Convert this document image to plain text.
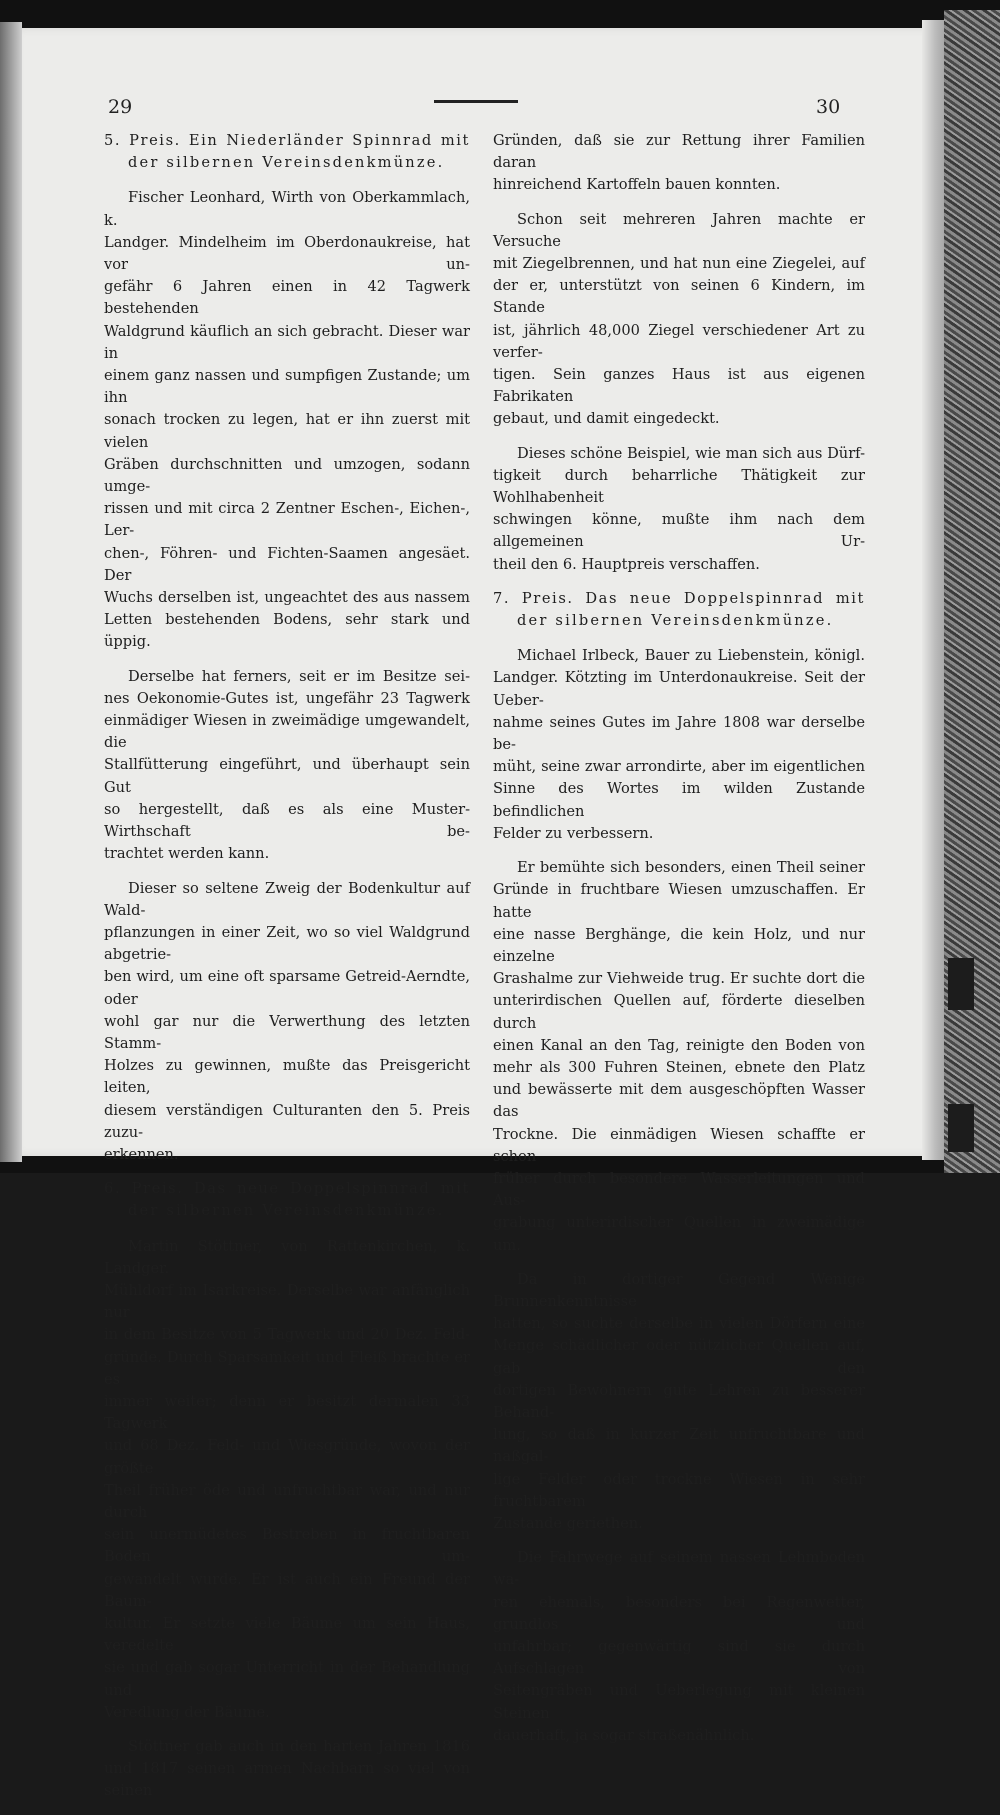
29	30
5. Preis. Ein Niederländer Spinnrad mit
der silbernen Vereinsdenkmünze.
Fischer Leonhard, Wirth von Oberkammlach, k.
Landger. Mindelheim im Oberdonaukreise, hat vor un-
gefähr 6 Jahren einen in 42 Tagwerk bestehenden
Waldgrund käuflich an sich gebracht. Dieser war in
einem ganz nassen und sumpfigen Zustande; um ihn
sonach trocken zu legen, hat er ihn zuerst mit vielen
Gräben durchschnitten und umzogen, sodann umge-
rissen und mit circa 2 Zentner Eschen-, Eichen-, Ler-
chen-, Föhren- und Fichten-Saamen angesäet. Der
Wuchs derselben ist, ungeachtet des aus nassem
Letten bestehenden Bodens, sehr stark und üppig.
Derselbe hat ferners, seit er im Besitze sei-
nes Oekonomie-Gutes ist, ungefähr 23 Tagwerk
einmädiger Wiesen in zweimädige umgewandelt, die
Stallfütterung eingeführt, und überhaupt sein Gut
so hergestellt, daß es als eine Muster-Wirthschaft be-
trachtet werden kann.
Dieser so seltene Zweig der Bodenkultur auf Wald-
pflanzungen in einer Zeit, wo so viel Waldgrund abgetrie-
ben wird, um eine oft sparsame Getreid-Aerndte, oder
wohl gar nur die Verwerthung des letzten Stamm-
Holzes zu gewinnen, mußte das Preisgericht leiten,
diesem verständigen Culturanten den 5. Preis zuzu-
erkennen.
6. Preis. Das neue Doppelspinnrad mit
der silbernen Vereinsdenkmünze.
Martin Stöttner, von Rattenkirchen, k. Landger.
Mühldorf im Isarkreise. Derselbe war anfänglich nur
in dem Besitze von 5 Tagwerk und 20 Dez. Feld-
gründe. Durch Sparsamkeit und Fleiß brachte er es
immer weiter; denn er besitzt dermalen 33 Tagwerk
und 68 Dez. Feld- und Wiesgründe, wovon der größte
Theil früher öde und unfruchtbar war, und nur durch
sein unermüdetes Bestreben in fruchtbaren Boden um-
gewandelt wurde. Er ist auch ein Freund der Baum-
kultur. Er setzte viele Bäume um sein Haus, veredelte
sie und gab sogar Unterricht in der Behandlung und
Veredlung der Bäume.
Stöttner gab auch in den harten Jahren 1816
und 1817 seinen armen Nachbarn so viel von seinen
Gründen, daß sie zur Rettung ihrer Familien daran
hinreichend Kartoffeln bauen konnten.
Schon seit mehreren Jahren machte er Versuche
mit Ziegelbrennen, und hat nun eine Ziegelei, auf
der er, unterstützt von seinen 6 Kindern, im Stande
ist, jährlich 48,000 Ziegel verschiedener Art zu verfer-
tigen. Sein ganzes Haus ist aus eigenen Fabrikaten
gebaut, und damit eingedeckt.
Dieses schöne Beispiel, wie man sich aus Dürf-
tigkeit durch beharrliche Thätigkeit zur Wohlhabenheit
schwingen könne, mußte ihm nach dem allgemeinen Ur-
theil den 6. Hauptpreis verschaffen.
7. Preis. Das neue Doppelspinnrad mit
der silbernen Vereinsdenkmünze.
Michael Irlbeck, Bauer zu Liebenstein, königl.
Landger. Kötzting im Unterdonaukreise. Seit der Ueber-
nahme seines Gutes im Jahre 1808 war derselbe be-
müht, seine zwar arrondirte, aber im eigentlichen
Sinne des Wortes im wilden Zustande befindlichen
Felder zu verbessern.
Er bemühte sich besonders, einen Theil seiner
Gründe in fruchtbare Wiesen umzuschaffen. Er hatte
eine nasse Berghänge, die kein Holz, und nur einzelne
Grashalme zur Viehweide trug. Er suchte dort die
unterirdischen Quellen auf, förderte dieselben durch
einen Kanal an den Tag, reinigte den Boden von
mehr als 300 Fuhren Steinen, ebnete den Platz
und bewässerte mit dem ausgeschöpften Wasser das
Trockne. Die einmädigen Wiesen schaffte er schon
früher durch besondere Wasserleitungen und Aus-
grabung unterirdischer Quellen in zweimädige um.
Da in dortiger Gegend Wenige Brunnenkenntnisse
hatten, so suchte derselbe in vielen Dörfern eine
Menge schädlicher oder nützlicher Quellen auf, gab den
dortigen Bewohnern gute Lehren zu besserer Behand-
lung, so daß in kurzer Zeit unfruchtbare und naßgal-
lige Felder oder trockne Wiesen in sehr fruchtbarem
Zustande geriethen.
Die Fahrwege auf seinem nassen Lehmboden wa-
ren ehemals, besonders bei Regenwetter, grundlos und
unfahrbar; gegenwärtig sind sie durch Aufschlagen von
Seitengräben und Ueberlegung mit kleinen Steinen
dauerhaft, ja sogar straßenähnlich.
